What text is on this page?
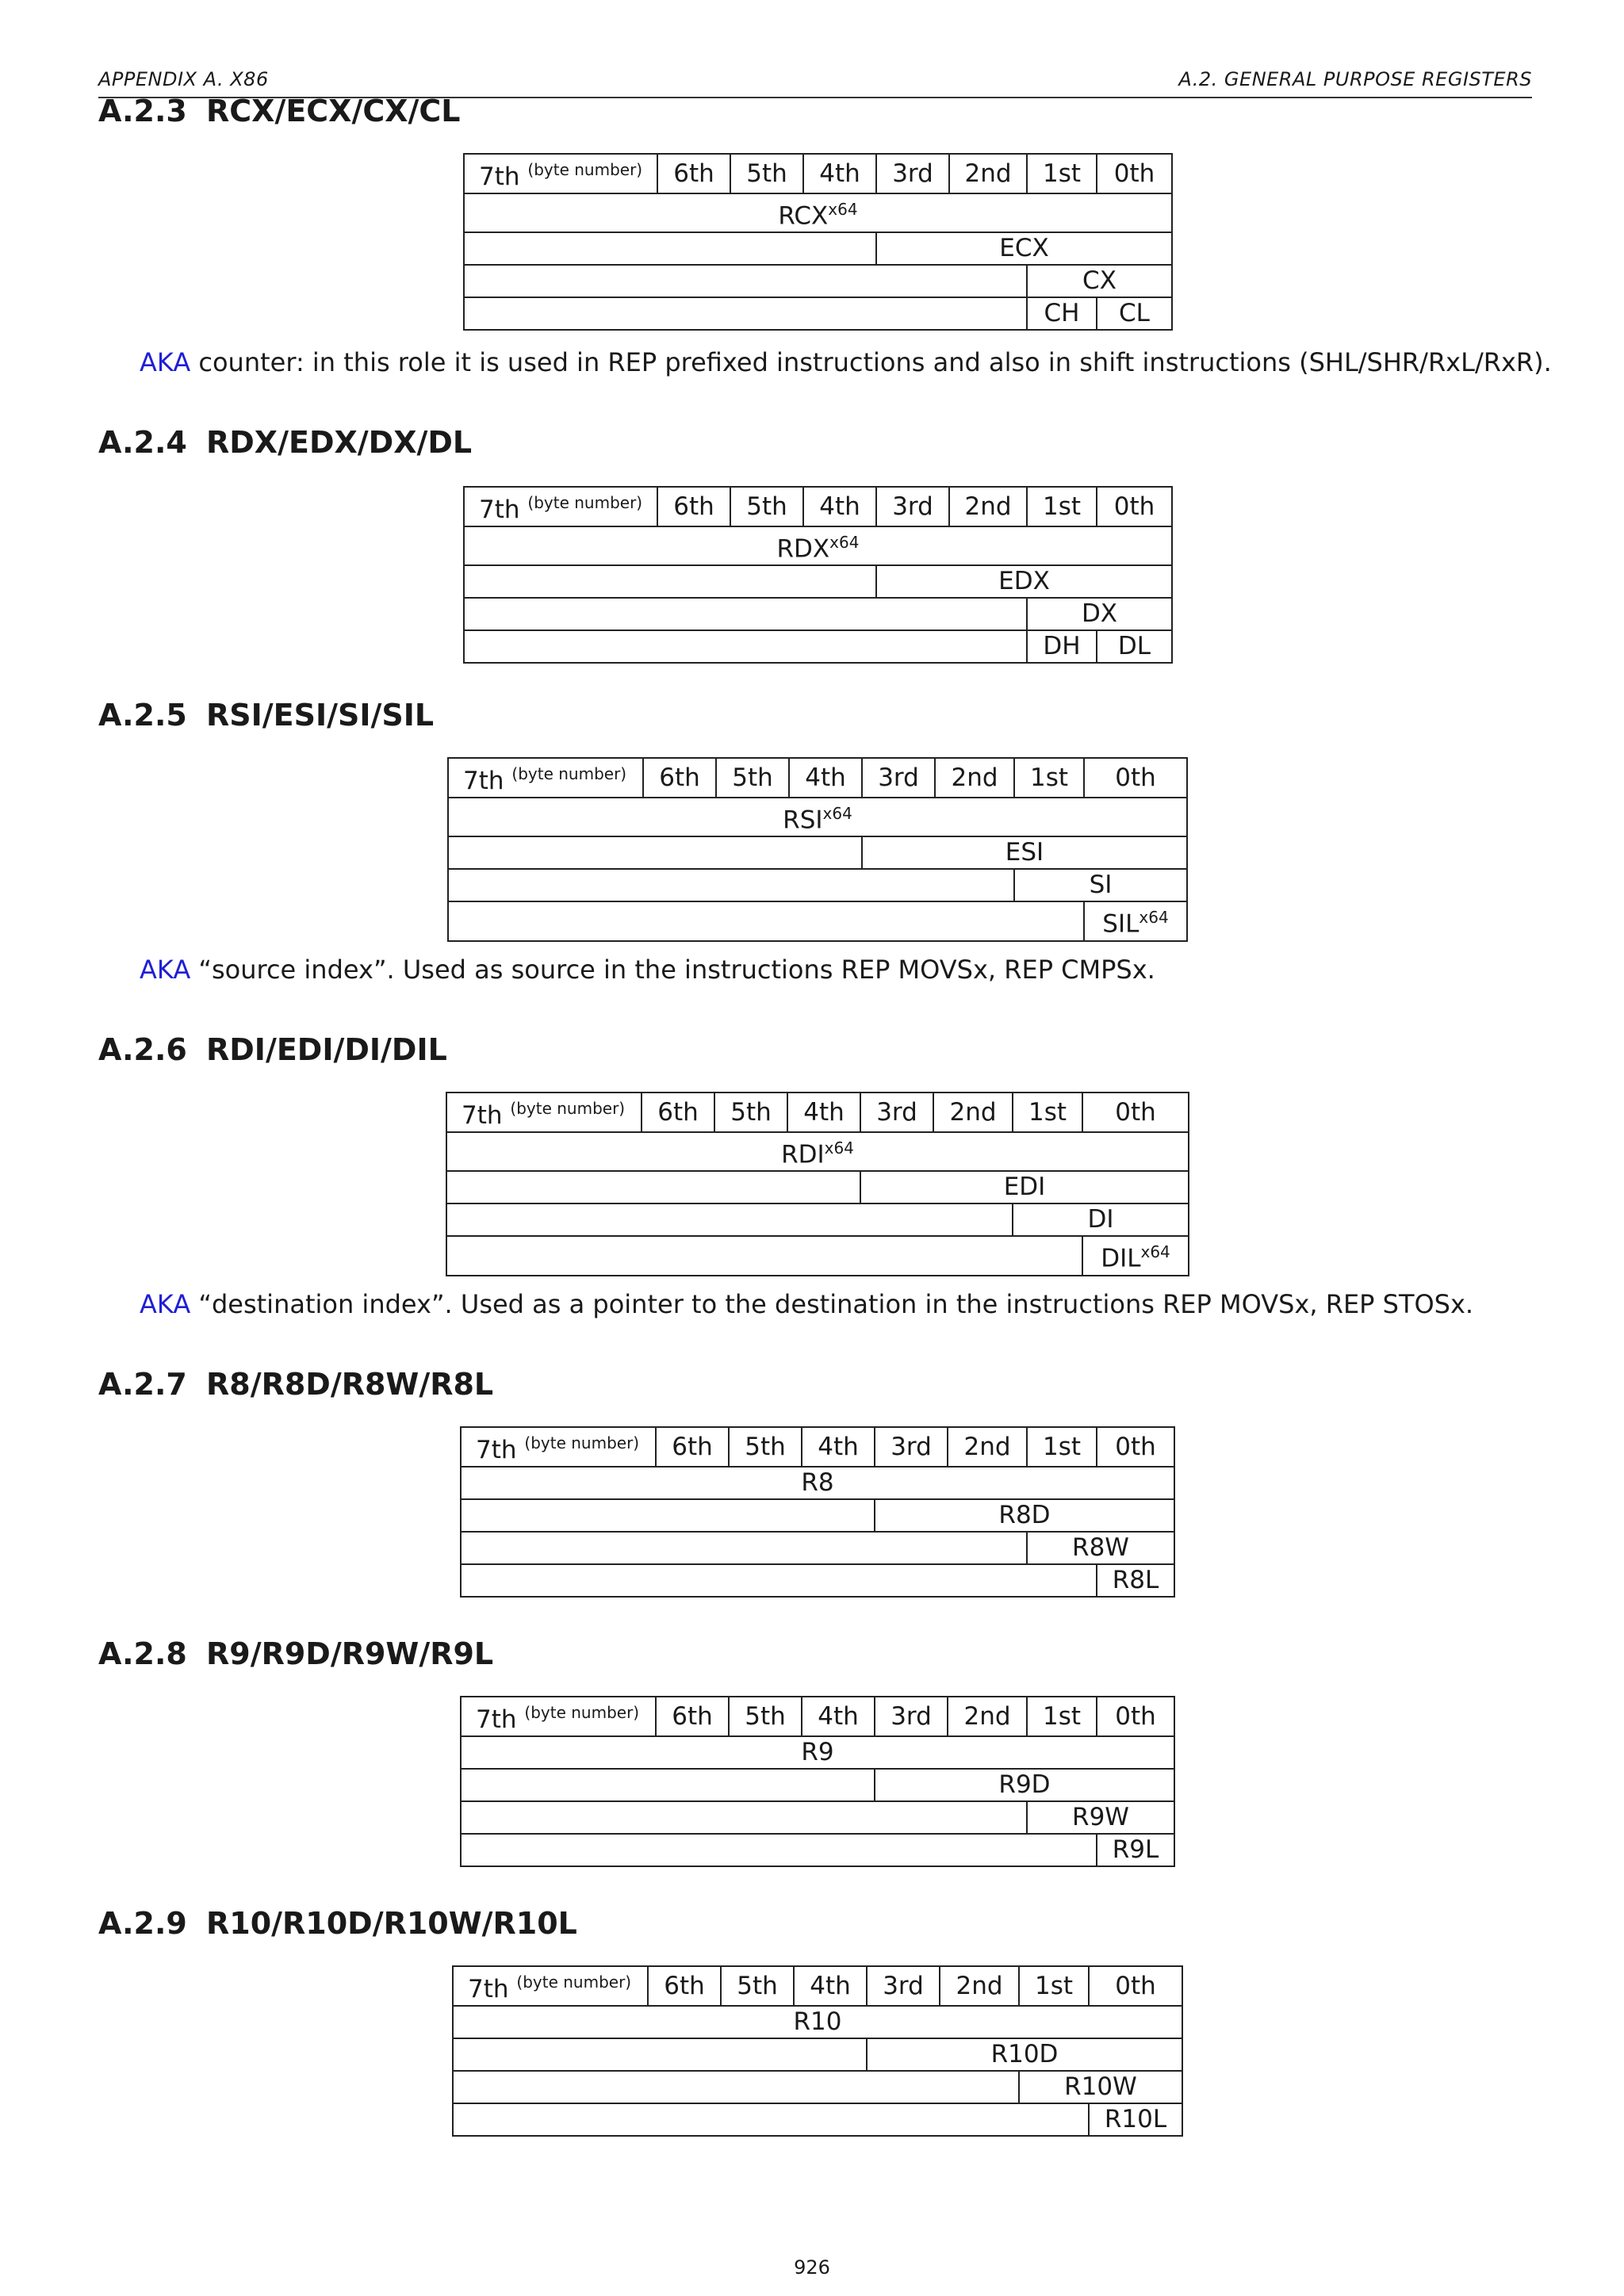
APPENDIX A. X86	A.2. GENERAL PURPOSE REGISTERS
A.2.3 RCX/ECX/CX/CL
7th $^{(byte number)}$	6th	5th	4th	3rd	2nd	1st	0th
$RCX^{x64}$
				ECX			
						CX	
						CH	CL
AKA counter: in this role it is used in REP prefixed instructions and also in shift instructions (SHL/SHR/RxL/RxR).
A.2.4 RDX/EDX/DX/DL
7th $^{(byte number)}$	6th	5th	4th	3rd	2nd	1st	0th
$RDX^{x64}$
				EDX			
						DX	
						DH	DL
A.2.5 RSI/ESI/SI/SIL
7th $^{(byte number)}$	6th	5th	4th	3rd	2nd	1st	0th
$RSI^{x64}$
				ESI			
						SI	
							$SIL^{x64}$
AKA “source index”. Used as source in the instructions REP MOVSx, REP CMPSx.
A.2.6 RDI/EDI/DI/DIL
7th $^{(byte number)}$	6th	5th	4th	3rd	2nd	1st	0th
$RDI^{x64}$
				EDI			
						DI	
							$DIL^{x64}$
AKA “destination index”. Used as a pointer to the destination in the instructions REP MOVSx, REP STOSx.
A.2.7 R8/R8D/R8W/R8L
7th $^{(byte number)}$	6th	5th	4th	3rd	2nd	1st	0th
R8							
				R8D			
						R8W	
							R8L
A.2.8 R9/R9D/R9W/R9L
7th $^{(byte number)}$	6th	5th	4th	3rd	2nd	1st	0th
R9							
				R9D			
						R9W	
							R9L
A.2.9 R10/R10D/R10W/R10L
7th $^{(byte number)}$	6th	5th	4th	3rd	2nd	1st	0th
R10							
				R10D			
						R10W	
							R10L
926
